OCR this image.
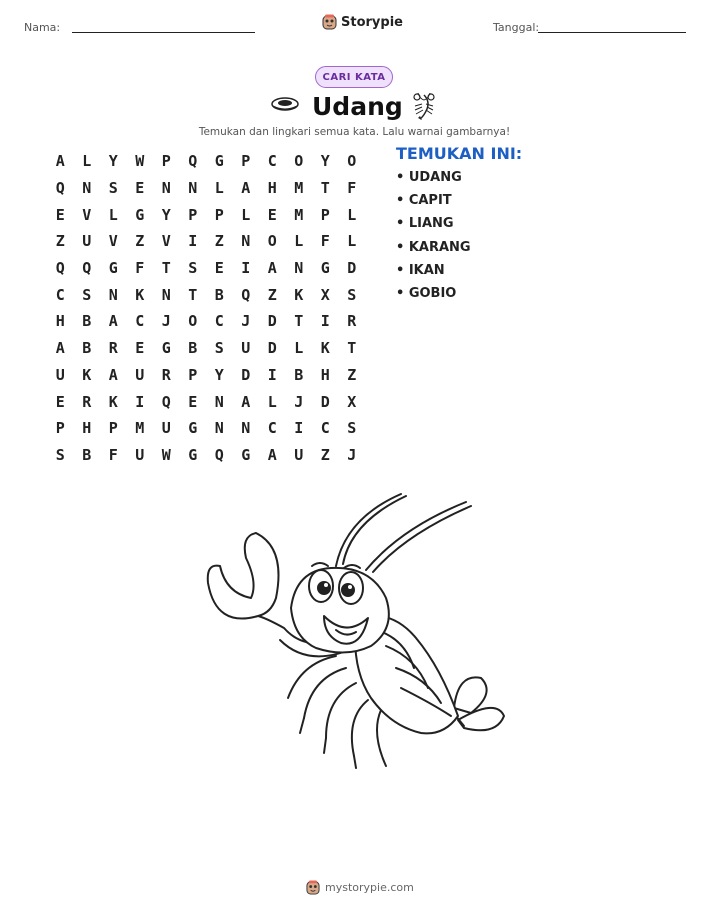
Nama:	Storypie	Tanggal:
CARI KATA
Udang
Temukan dan lingkari semua kata. Lalu warnai gambarnya!
A	L	Y	W	P	Q	G	P	C	O	Y	O
Q	N	S	E	N	N	L	A	H	M	T	F
E	V	L	G	Y	P	P	L	E	M	P	L
Z	U	V	Z	V	I	Z	N	O	L	F	L
Q	Q	G	F	T	S	E	I	A	N	G	D
C	S	N	K	N	T	B	Q	Z	K	X	S
H	B	A	C	J	O	C	J	D	T	I	R
A	B	R	E	G	B	S	U	D	L	K	T
U	K	A	U	R	P	Y	D	I	B	H	Z
E	R	K	I	Q	E	N	A	L	J	D	X
P	H	P	M	U	G	N	N	C	I	C	S
S	B	F	U	W	G	Q	G	A	U	Z	J
TEMUKAN INI:
• UDANG
• CAPIT
• LIANG
• KARANG
• IKAN
• GOBIO
mystorypie.com
